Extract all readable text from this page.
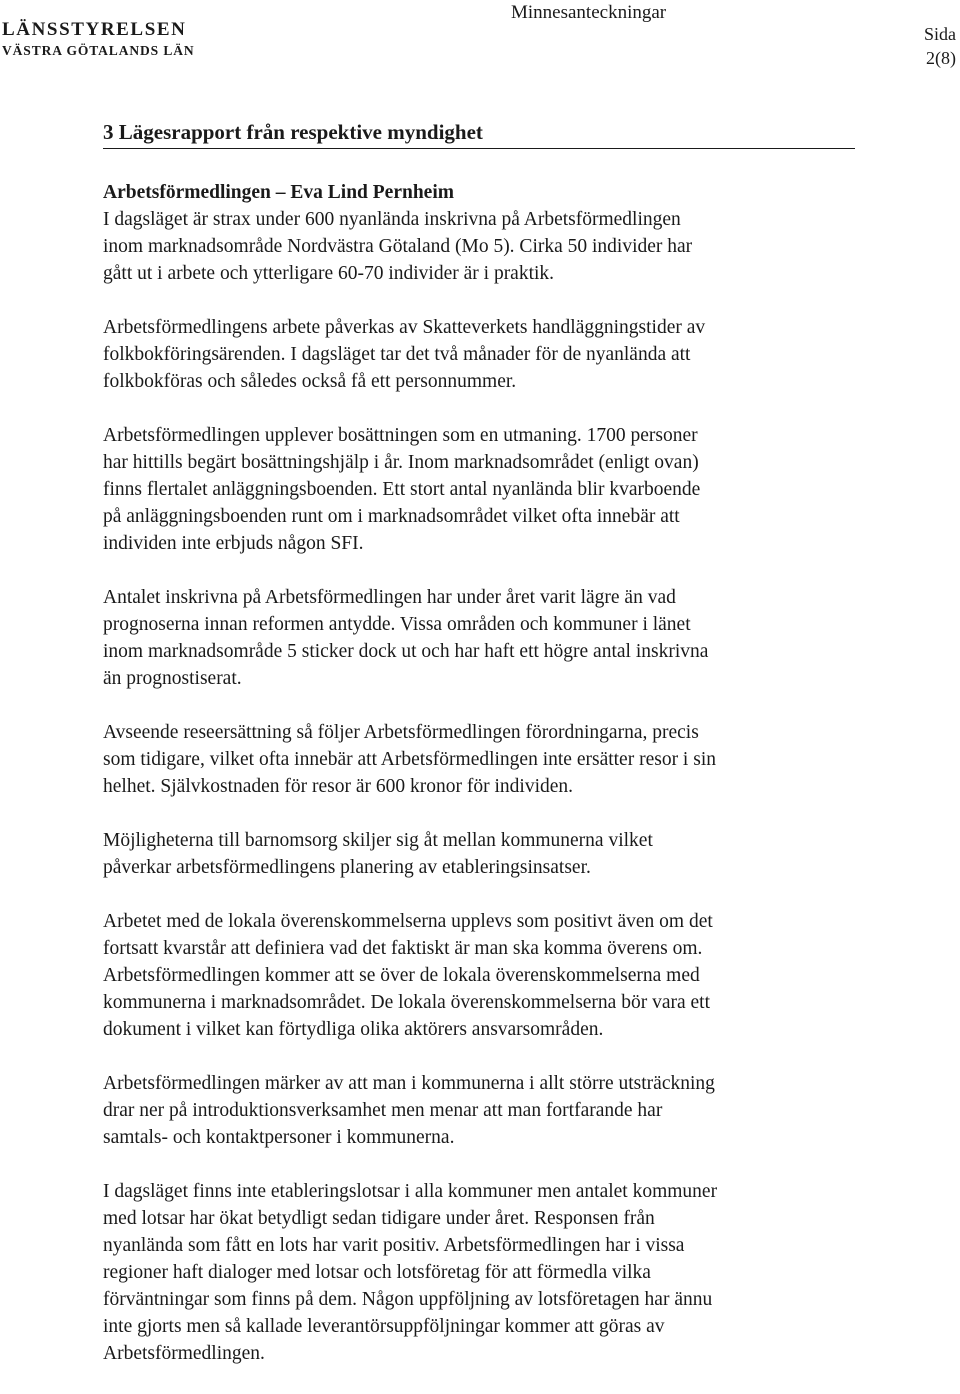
LÄNSSTYRELSEN
VÄSTRA GÖTALANDS LÄN
Minnesanteckningar
Sida
2(8)
3 Lägesrapport från respektive myndighet
Arbetsförmedlingen – Eva Lind Pernheim

I dagsläget är strax under 600 nyanlända inskrivna på Arbetsförmedlingen
inom marknadsområde Nordvästra Götaland (Mo 5). Cirka 50 individer har
gått ut i arbete och ytterligare 60-70 individer är i praktik.

Arbetsförmedlingens arbete påverkas av Skatteverkets handläggningstider av
folkbokföringsärenden. I dagsläget tar det två månader för de nyanlända att
folkbokföras och således också få ett personnummer.

Arbetsförmedlingen upplever bosättningen som en utmaning. 1700 personer
har hittills begärt bosättningshjälp i år. Inom marknadsområdet (enligt ovan)
finns flertalet anläggningsboenden. Ett stort antal nyanlända blir kvarboende
på anläggningsboenden runt om i marknadsområdet vilket ofta innebär att
individen inte erbjuds någon SFI.

Antalet inskrivna på Arbetsförmedlingen har under året varit lägre än vad
prognoserna innan reformen antydde. Vissa områden och kommuner i länet
inom marknadsområde 5 sticker dock ut och har haft ett högre antal inskrivna
än prognostiserat.

Avseende reseersättning så följer Arbetsförmedlingen förordningarna, precis
som tidigare, vilket ofta innebär att Arbetsförmedlingen inte ersätter resor i sin
helhet. Självkostnaden för resor är 600 kronor för individen.

Möjligheterna till barnomsorg skiljer sig åt mellan kommunerna vilket
påverkar arbetsförmedlingens planering av etableringsinsatser.

Arbetet med de lokala överenskommelserna upplevs som positivt även om det
fortsatt kvarstår att definiera vad det faktiskt är man ska komma överens om.
Arbetsförmedlingen kommer att se över de lokala överenskommelserna med
kommunerna i marknadsområdet. De lokala överenskommelserna bör vara ett
dokument i vilket kan förtydliga olika aktörers ansvarsområden.

Arbetsförmedlingen märker av att man i kommunerna i allt större utsträckning
drar ner på introduktionsverksamhet men menar att man fortfarande har
samtals- och kontaktpersoner i kommunerna.

I dagsläget finns inte etableringslotsar i alla kommuner men antalet kommuner
med lotsar har ökat betydligt sedan tidigare under året. Responsen från
nyanlända som fått en lots har varit positiv. Arbetsförmedlingen har i vissa
regioner haft dialoger med lotsar och lotsföretag för att förmedla vilka
förväntningar som finns på dem. Någon uppföljning av lotsföretagen har ännu
inte gjorts men så kallade leverantörsuppföljningar kommer att göras av
Arbetsförmedlingen.
